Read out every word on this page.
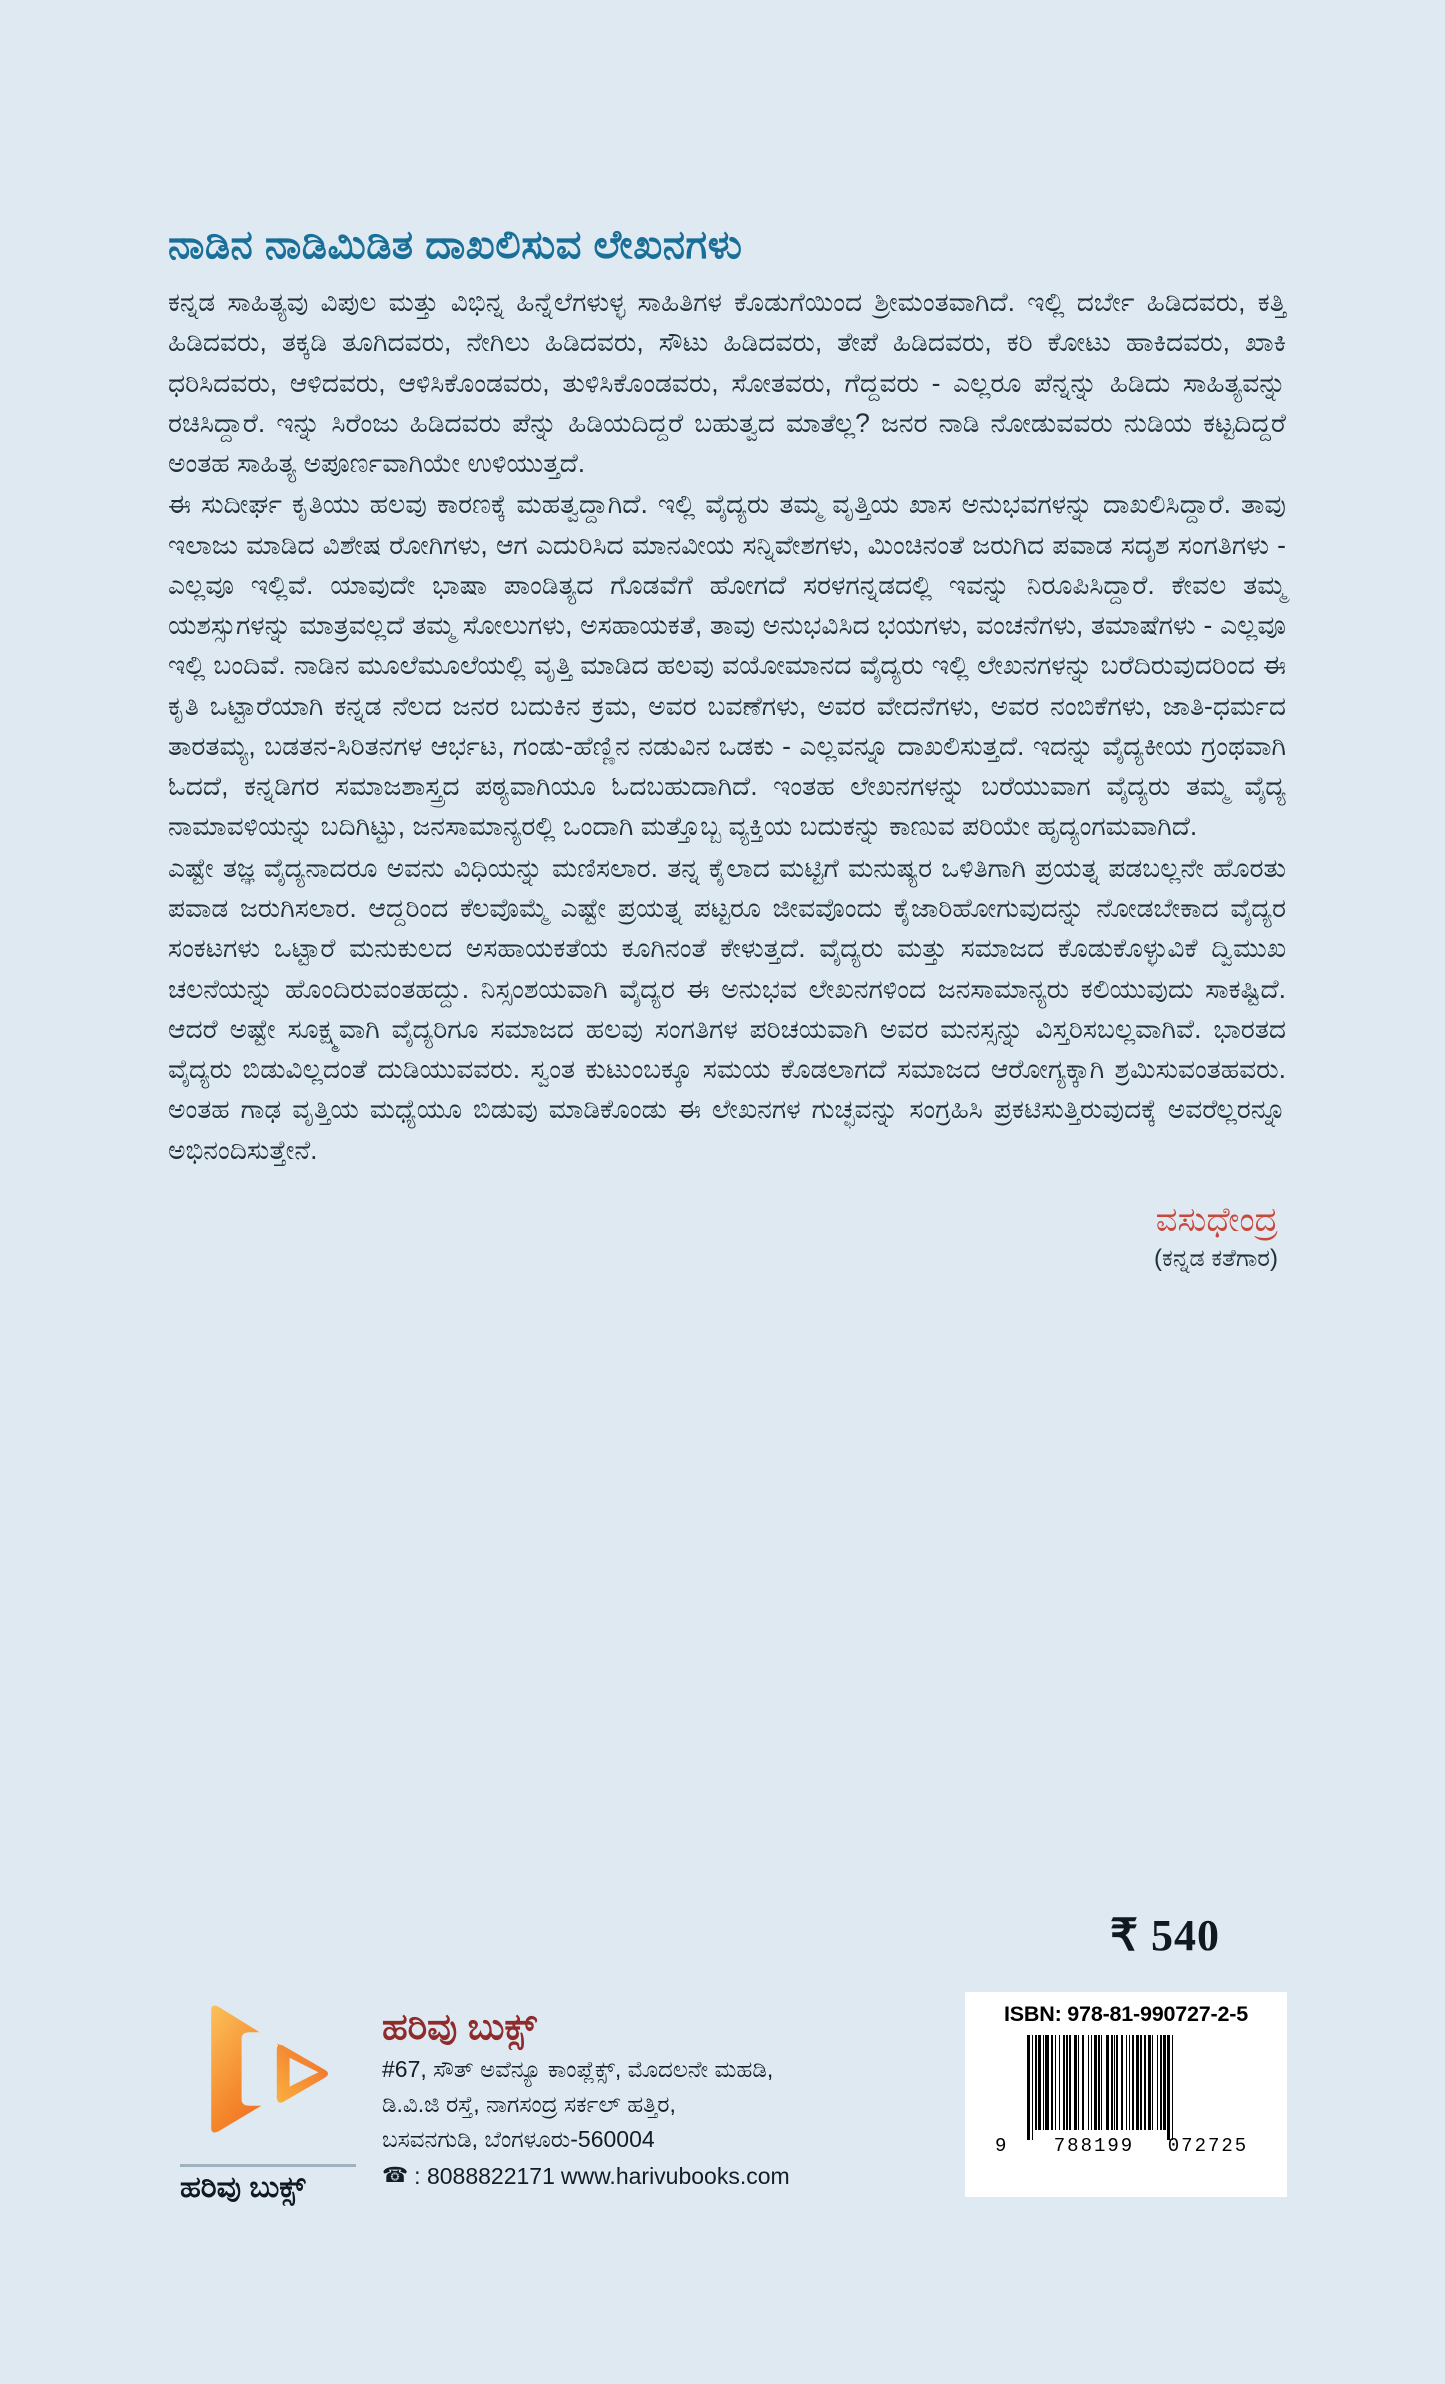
ನಾಡಿನ ನಾಡಿಮಿಡಿತ ದಾಖಲಿಸುವ ಲೇಖನಗಳು

ಕನ್ನಡ ಸಾಹಿತ್ಯವು ವಿಪುಲ ಮತ್ತು ವಿಭಿನ್ನ ಹಿನ್ನೆಲೆಗಳುಳ್ಳ ಸಾಹಿತಿಗಳ ಕೊಡುಗೆಯಿಂದ ಶ್ರೀಮಂತವಾಗಿದೆ. ಇಲ್ಲಿ ದರ್ಬೇ ಹಿಡಿದವರು, ಕತ್ತಿ ಹಿಡಿದವರು, ತಕ್ಕಡಿ ತೂಗಿದವರು, ನೇಗಿಲು ಹಿಡಿದವರು, ಸೌಟು ಹಿಡಿದವರು, ತೇಪೆ ಹಿಡಿದವರು, ಕರಿ ಕೋಟು ಹಾಕಿದವರು, ಖಾಕಿ ಧರಿಸಿದವರು, ಆಳಿದವರು, ಆಳಿಸಿಕೊಂಡವರು, ತುಳಿಸಿಕೊಂಡವರು, ಸೋತವರು, ಗೆದ್ದವರು - ಎಲ್ಲರೂ ಪೆನ್ನನ್ನು ಹಿಡಿದು ಸಾಹಿತ್ಯವನ್ನು ರಚಿಸಿದ್ದಾರೆ. ಇನ್ನು ಸಿರೆಂಜು ಹಿಡಿದವರು ಪೆನ್ನು ಹಿಡಿಯದಿದ್ದರೆ ಬಹುತ್ವದ ಮಾತೆಲ್ಲ? ಜನರ ನಾಡಿ ನೋಡುವವರು ನುಡಿಯ ಕಟ್ಟದಿದ್ದರೆ ಅಂತಹ ಸಾಹಿತ್ಯ ಅಪೂರ್ಣವಾಗಿಯೇ ಉಳಿಯುತ್ತದೆ.

ಈ ಸುದೀರ್ಘ ಕೃತಿಯು ಹಲವು ಕಾರಣಕ್ಕೆ ಮಹತ್ವದ್ದಾಗಿದೆ. ಇಲ್ಲಿ ವೈದ್ಯರು ತಮ್ಮ ವೃತ್ತಿಯ ಖಾಸ ಅನುಭವಗಳನ್ನು ದಾಖಲಿಸಿದ್ದಾರೆ. ತಾವು ಇಲಾಜು ಮಾಡಿದ ವಿಶೇಷ ರೋಗಿಗಳು, ಆಗ ಎದುರಿಸಿದ ಮಾನವೀಯ ಸನ್ನಿವೇಶಗಳು, ಮಿಂಚಿನಂತೆ ಜರುಗಿದ ಪವಾಡ ಸದೃಶ ಸಂಗತಿಗಳು - ಎಲ್ಲವೂ ಇಲ್ಲಿವೆ. ಯಾವುದೇ ಭಾಷಾ ಪಾಂಡಿತ್ಯದ ಗೊಡವೆಗೆ ಹೋಗದೆ ಸರಳಗನ್ನಡದಲ್ಲಿ ಇವನ್ನು ನಿರೂಪಿಸಿದ್ದಾರೆ. ಕೇವಲ ತಮ್ಮ ಯಶಸ್ಸುಗಳನ್ನು ಮಾತ್ರವಲ್ಲದೆ ತಮ್ಮ ಸೋಲುಗಳು, ಅಸಹಾಯಕತೆ, ತಾವು ಅನುಭವಿಸಿದ ಭಯಗಳು, ವಂಚನೆಗಳು, ತಮಾಷೆಗಳು - ಎಲ್ಲವೂ ಇಲ್ಲಿ ಬಂದಿವೆ. ನಾಡಿನ ಮೂಲೆಮೂಲೆಯಲ್ಲಿ ವೃತ್ತಿ ಮಾಡಿದ ಹಲವು ವಯೋಮಾನದ ವೈದ್ಯರು ಇಲ್ಲಿ ಲೇಖನಗಳನ್ನು ಬರೆದಿರುವುದರಿಂದ ಈ ಕೃತಿ ಒಟ್ಟಾರೆಯಾಗಿ ಕನ್ನಡ ನೆಲದ ಜನರ ಬದುಕಿನ ಕ್ರಮ, ಅವರ ಬವಣೆಗಳು, ಅವರ ವೇದನೆಗಳು, ಅವರ ನಂಬಿಕೆಗಳು, ಜಾತಿ-ಧರ್ಮದ ತಾರತಮ್ಯ, ಬಡತನ-ಸಿರಿತನಗಳ ಆರ್ಭಟ, ಗಂಡು-ಹೆಣ್ಣಿನ ನಡುವಿನ ಒಡಕು - ಎಲ್ಲವನ್ನೂ ದಾಖಲಿಸುತ್ತದೆ. ಇದನ್ನು ವೈದ್ಯಕೀಯ ಗ್ರಂಥವಾಗಿ ಓದದೆ, ಕನ್ನಡಿಗರ ಸಮಾಜಶಾಸ್ತ್ರದ ಪಠ್ಯವಾಗಿಯೂ ಓದಬಹುದಾಗಿದೆ. ಇಂತಹ ಲೇಖನಗಳನ್ನು ಬರೆಯುವಾಗ ವೈದ್ಯರು ತಮ್ಮ ವೈದ್ಯ ನಾಮಾವಳಿಯನ್ನು ಬದಿಗಿಟ್ಟು, ಜನಸಾಮಾನ್ಯರಲ್ಲಿ ಒಂದಾಗಿ ಮತ್ತೊಬ್ಬ ವ್ಯಕ್ತಿಯ ಬದುಕನ್ನು ಕಾಣುವ ಪರಿಯೇ ಹೃದ್ಯಂಗಮವಾಗಿದೆ.

ಎಷ್ಟೇ ತಜ್ಞ ವೈದ್ಯನಾದರೂ ಅವನು ವಿಧಿಯನ್ನು ಮಣಿಸಲಾರ. ತನ್ನ ಕೈಲಾದ ಮಟ್ಟಿಗೆ ಮನುಷ್ಯರ ಒಳಿತಿಗಾಗಿ ಪ್ರಯತ್ನ ಪಡಬಲ್ಲನೇ ಹೊರತು ಪವಾಡ ಜರುಗಿಸಲಾರ. ಆದ್ದರಿಂದ ಕೆಲವೊಮ್ಮೆ ಎಷ್ಟೇ ಪ್ರಯತ್ನ ಪಟ್ಟರೂ ಜೀವವೊಂದು ಕೈಜಾರಿಹೋಗುವುದನ್ನು ನೋಡಬೇಕಾದ ವೈದ್ಯರ ಸಂಕಟಗಳು ಒಟ್ಟಾರೆ ಮನುಕುಲದ ಅಸಹಾಯಕತೆಯ ಕೂಗಿನಂತೆ ಕೇಳುತ್ತದೆ. ವೈದ್ಯರು ಮತ್ತು ಸಮಾಜದ ಕೊಡುಕೊಳ್ಳುವಿಕೆ ದ್ವಿಮುಖ ಚಲನೆಯನ್ನು ಹೊಂದಿರುವಂತಹದ್ದು. ನಿಸ್ಸಂಶಯವಾಗಿ ವೈದ್ಯರ ಈ ಅನುಭವ ಲೇಖನಗಳಿಂದ ಜನಸಾಮಾನ್ಯರು ಕಲಿಯುವುದು ಸಾಕಷ್ಟಿದೆ. ಆದರೆ ಅಷ್ಟೇ ಸೂಕ್ಷ್ಮವಾಗಿ ವೈದ್ಯರಿಗೂ ಸಮಾಜದ ಹಲವು ಸಂಗತಿಗಳ ಪರಿಚಯವಾಗಿ ಅವರ ಮನಸ್ಸನ್ನು ವಿಸ್ತರಿಸಬಲ್ಲವಾಗಿವೆ. ಭಾರತದ ವೈದ್ಯರು ಬಿಡುವಿಲ್ಲದಂತೆ ದುಡಿಯುವವರು. ಸ್ವಂತ ಕುಟುಂಬಕ್ಕೂ ಸಮಯ ಕೊಡಲಾಗದೆ ಸಮಾಜದ ಆರೋಗ್ಯಕ್ಕಾಗಿ ಶ್ರಮಿಸುವಂತಹವರು. ಅಂತಹ ಗಾಢ ವೃತ್ತಿಯ ಮಧ್ಯೆಯೂ ಬಿಡುವು ಮಾಡಿಕೊಂಡು ಈ ಲೇಖನಗಳ ಗುಚ್ಛವನ್ನು ಸಂಗ್ರಹಿಸಿ ಪ್ರಕಟಿಸುತ್ತಿರುವುದಕ್ಕೆ ಅವರೆಲ್ಲರನ್ನೂ ಅಭಿನಂದಿಸುತ್ತೇನೆ.

ವಸುಧೇಂದ್ರ
(ಕನ್ನಡ ಕತೆಗಾರ)
₹ 540
ISBN: 978-81-990727-2-5
9	788199	072725
ಹರಿವು ಬುಕ್ಸ್
ಹರಿವು ಬುಕ್ಸ್
#67, ಸೌತ್ ಅವೆನ್ಯೂ ಕಾಂಪ್ಲೆಕ್ಸ್, ಮೊದಲನೇ ಮಹಡಿ,
ಡಿ.ವಿ.ಜಿ ರಸ್ತೆ, ನಾಗಸಂದ್ರ ಸರ್ಕಲ್ ಹತ್ತಿರ,
ಬಸವನಗುಡಿ, ಬೆಂಗಳೂರು-560004
☎ : 8088822171 www.harivubooks.com
